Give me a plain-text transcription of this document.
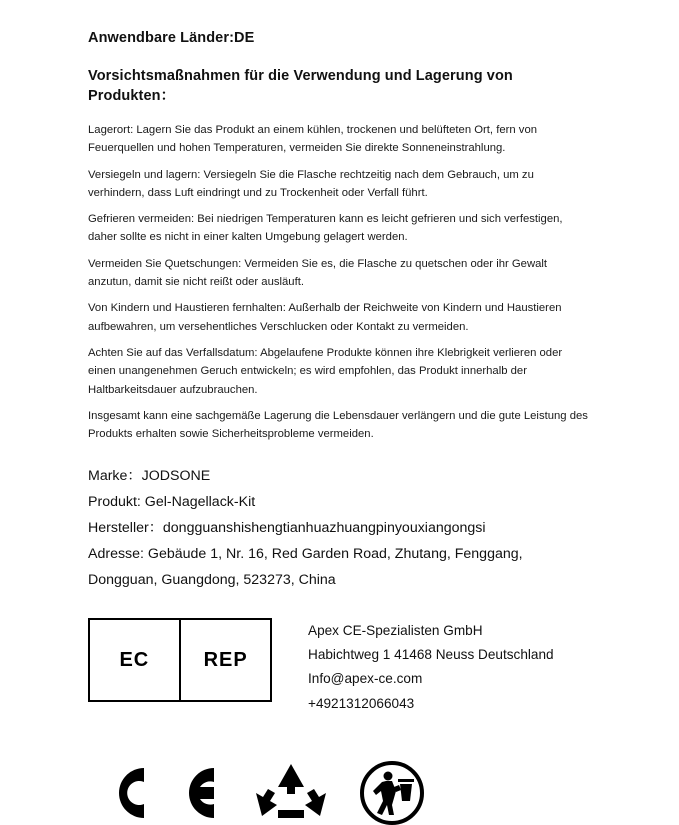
Anwendbare Länder:DE
Vorsichtsmaßnahmen für die Verwendung und Lagerung von Produkten：

Lagerort: Lagern Sie das Produkt an einem kühlen, trockenen und belüfteten Ort, fern von Feuerquellen und hohen Temperaturen, vermeiden Sie direkte Sonneneinstrahlung.

Versiegeln und lagern: Versiegeln Sie die Flasche rechtzeitig nach dem Gebrauch, um zu verhindern, dass Luft eindringt und zu Trockenheit oder Verfall führt.

Gefrieren vermeiden: Bei niedrigen Temperaturen kann es leicht gefrieren und sich verfestigen, daher sollte es nicht in einer kalten Umgebung gelagert werden.

Vermeiden Sie Quetschungen: Vermeiden Sie es, die Flasche zu quetschen oder ihr Gewalt anzutun, damit sie nicht reißt oder ausläuft.

Von Kindern und Haustieren fernhalten: Außerhalb der Reichweite von Kindern und Haustieren aufbewahren, um versehentliches Verschlucken oder Kontakt zu vermeiden.

Achten Sie auf das Verfallsdatum: Abgelaufene Produkte können ihre Klebrigkeit verlieren oder einen unangenehmen Geruch entwickeln; es wird empfohlen, das Produkt innerhalb der Haltbarkeitsdauer aufzubrauchen.

Insgesamt kann eine sachgemäße Lagerung die Lebensdauer verlängern und die gute Leistung des Produkts erhalten sowie Sicherheitsprobleme vermeiden.

Marke：JODSONE
Produkt: Gel-Nagellack-Kit
Hersteller：dongguanshishengtianhuazhuangpinyouxiangongsi
Adresse: Gebäude 1, Nr. 16, Red Garden Road, Zhutang, Fenggang,
Dongguan, Guangdong, 523273, China
EC	REP
Apex CE-Spezialisten GmbH
Habichtweg 1 41468 Neuss Deutschland
Info@apex-ce.com
+4921312066043
